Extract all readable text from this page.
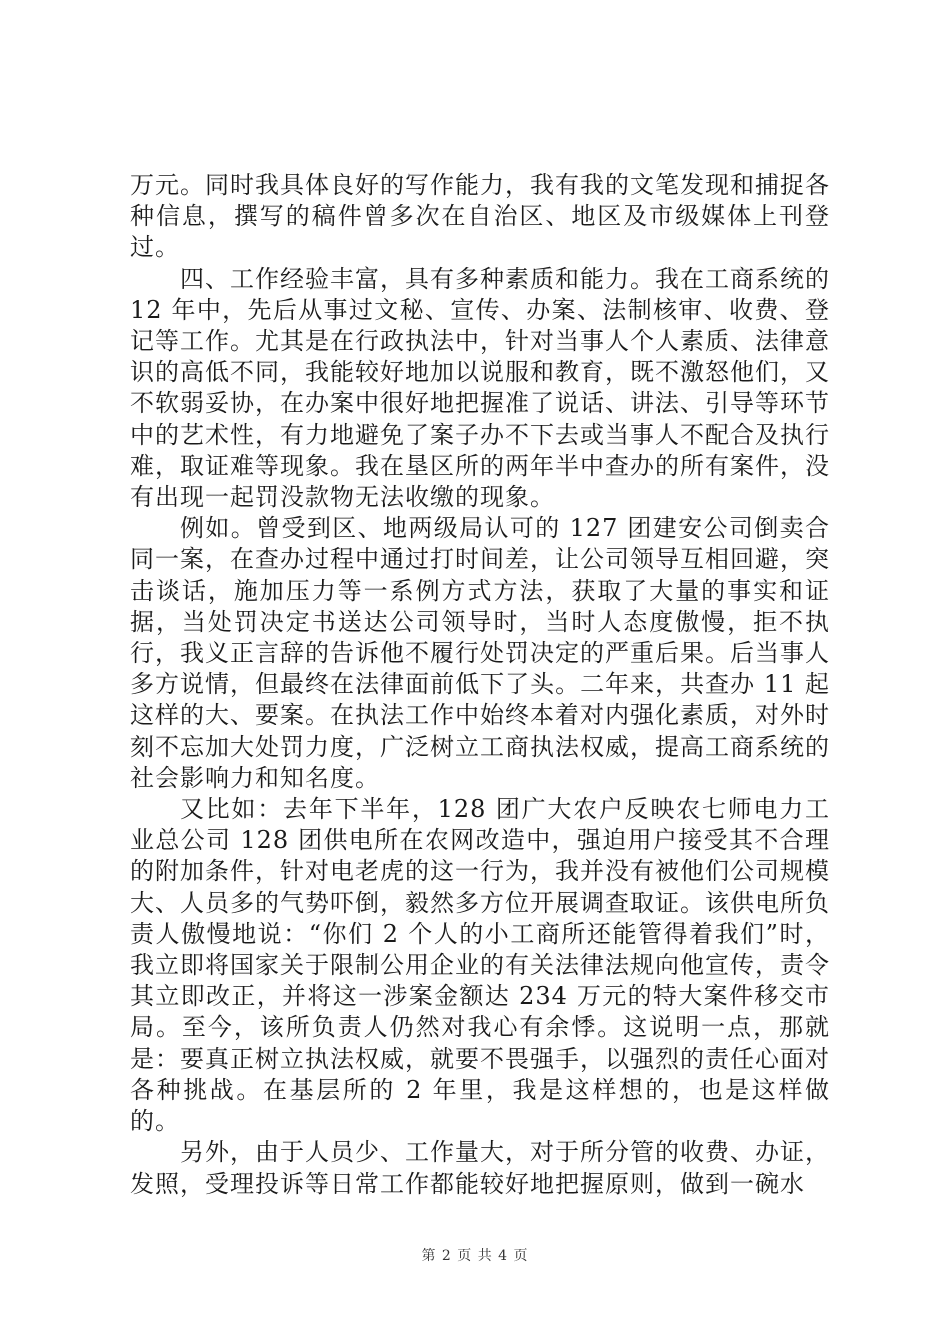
万元。同时我具体良好的写作能力，我有我的文笔发现和捕捉各种信息，撰写的稿件曾多次在自治区、地区及市级媒体上刊登过。

四、工作经验丰富，具有多种素质和能力。我在工商系统的 12 年中，先后从事过文秘、宣传、办案、法制核审、收费、登记等工作。尤其是在行政执法中，针对当事人个人素质、法律意识的高低不同，我能较好地加以说服和教育，既不激怒他们，又不软弱妥协，在办案中很好地把握准了说话、讲法、引导等环节中的艺术性，有力地避免了案子办不下去或当事人不配合及执行难，取证难等现象。我在垦区所的两年半中查办的所有案件，没有出现一起罚没款物无法收缴的现象。

例如。曾受到区、地两级局认可的 127 团建安公司倒卖合同一案，在查办过程中通过打时间差，让公司领导互相回避，突击谈话，施加压力等一系例方式方法，获取了大量的事实和证据，当处罚决定书送达公司领导时，当时人态度傲慢，拒不执行，我义正言辞的告诉他不履行处罚决定的严重后果。后当事人多方说情，但最终在法律面前低下了头。二年来，共查办 11 起这样的大、要案。在执法工作中始终本着对内强化素质，对外时刻不忘加大处罚力度，广泛树立工商执法权威，提高工商系统的社会影响力和知名度。

又比如：去年下半年，128 团广大农户反映农七师电力工业总公司 128 团供电所在农网改造中，强迫用户接受其不合理的附加条件，针对电老虎的这一行为，我并没有被他们公司规模大、人员多的气势吓倒，毅然多方位开展调查取证。该供电所负责人傲慢地说：“你们 2 个人的小工商所还能管得着我们”时，我立即将国家关于限制公用企业的有关法律法规向他宣传，责令其立即改正，并将这一涉案金额达 234 万元的特大案件移交市局。至今，该所负责人仍然对我心有余悸。这说明一点，那就是：要真正树立执法权威，就要不畏强手，以强烈的责任心面对各种挑战。在基层所的 2 年里，我是这样想的，也是这样做的。

另外，由于人员少、工作量大，对于所分管的收费、办证，发照，受理投诉等日常工作都能较好地把握原则，做到一碗水

第 2 页 共 4 页
